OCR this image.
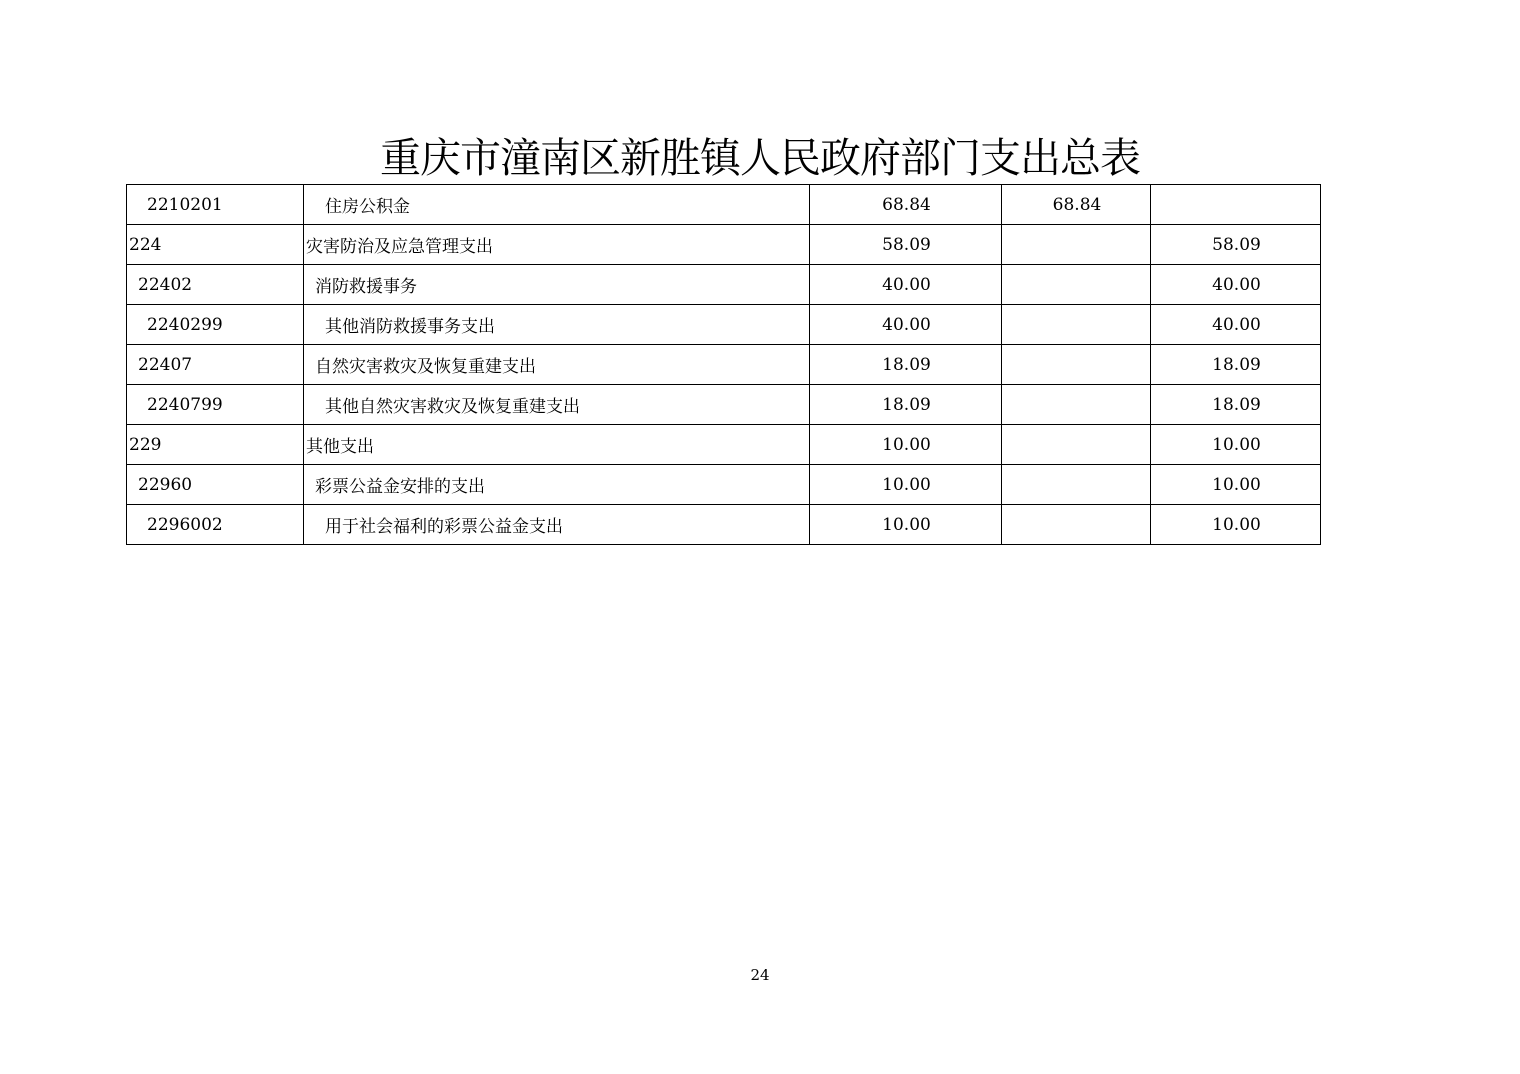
重庆市潼南区新胜镇人民政府部门支出总表
2210201	住房公积金	68.84	68.84	
224	灾害防治及应急管理支出	58.09		58.09
22402	消防救援事务	40.00		40.00
2240299	其他消防救援事务支出	40.00		40.00
22407	自然灾害救灾及恢复重建支出	18.09		18.09
2240799	其他自然灾害救灾及恢复重建支出	18.09		18.09
229	其他支出	10.00		10.00
22960	彩票公益金安排的支出	10.00		10.00
2296002	用于社会福利的彩票公益金支出	10.00		10.00
24
